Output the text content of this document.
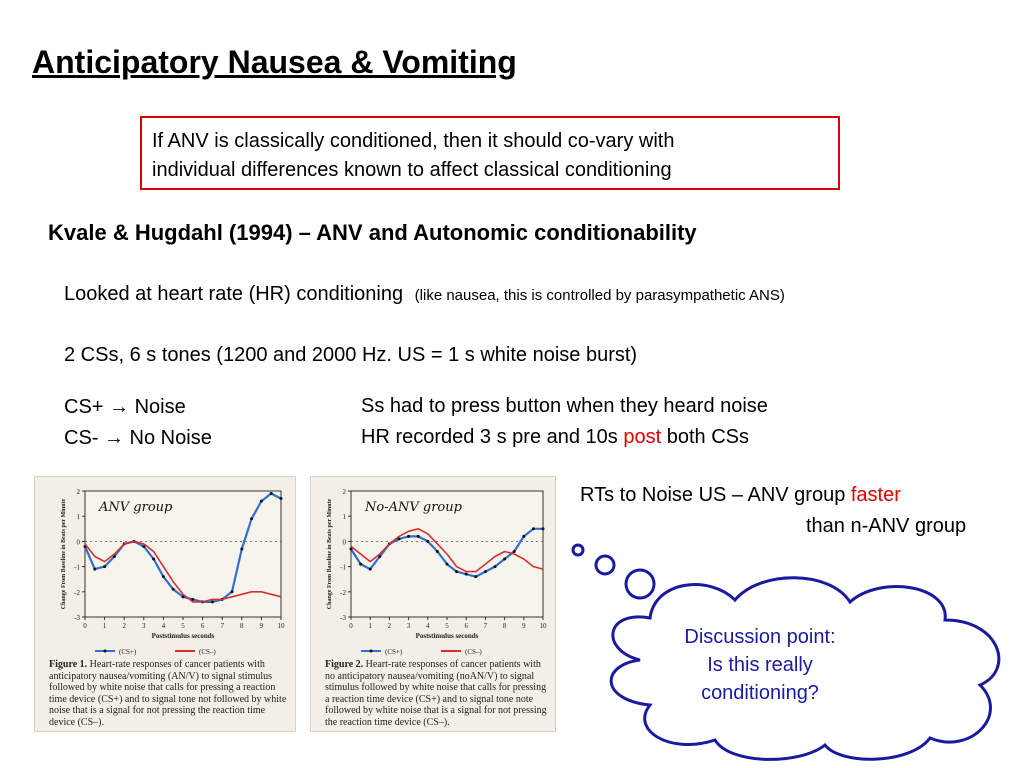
Anticipatory Nausea & Vomiting
If ANV is classically conditioned, then it should co-vary with
individual differences known to affect classical conditioning
Kvale & Hugdahl (1994) – ANV and Autonomic conditionability
Looked at heart rate (HR) conditioning (like nausea, this is controlled by parasympathetic ANS)
2 CSs, 6 s tones (1200 and 2000 Hz. US = 1 s white noise burst)
CS+ → Noise
CS- → No Noise
Ss had to press button when they heard noise
HR recorded 3 s pre and 10s post both CSs
RTs to Noise US – ANV group faster
than n-ANV group
2
1
0
-1
-2
-3
0 1 2 3 4 5 6 7 8 9 10
Poststimulus seconds
Change From Baseline in Beats per Minute ANV group
(CS+)	(CS–)
Figure 1. Heart-rate responses of cancer patients with anticipatory nausea/vomiting (AN/V) to signal stimulus followed by white noise that calls for pressing a reaction time device (CS+) and to signal tone not followed by white noise that is a signal for not pressing the reaction time device (CS–).
2
1
0
-1
-2
-3
0 1 2 3 4 5 6 7 8 9 10
Poststimulus seconds
Change From Baseline in Beats per Minute No-ANV group
(CS+)	(CS–)
Figure 2. Heart-rate responses of cancer patients with no anticipatory nausea/vomiting (noAN/V) to signal stimulus followed by white noise that calls for pressing a reaction time device (CS+) and to signal tone note followed by white noise that is a signal for not pressing the reaction time device (CS–).
Discussion point:
Is this really
conditioning?
